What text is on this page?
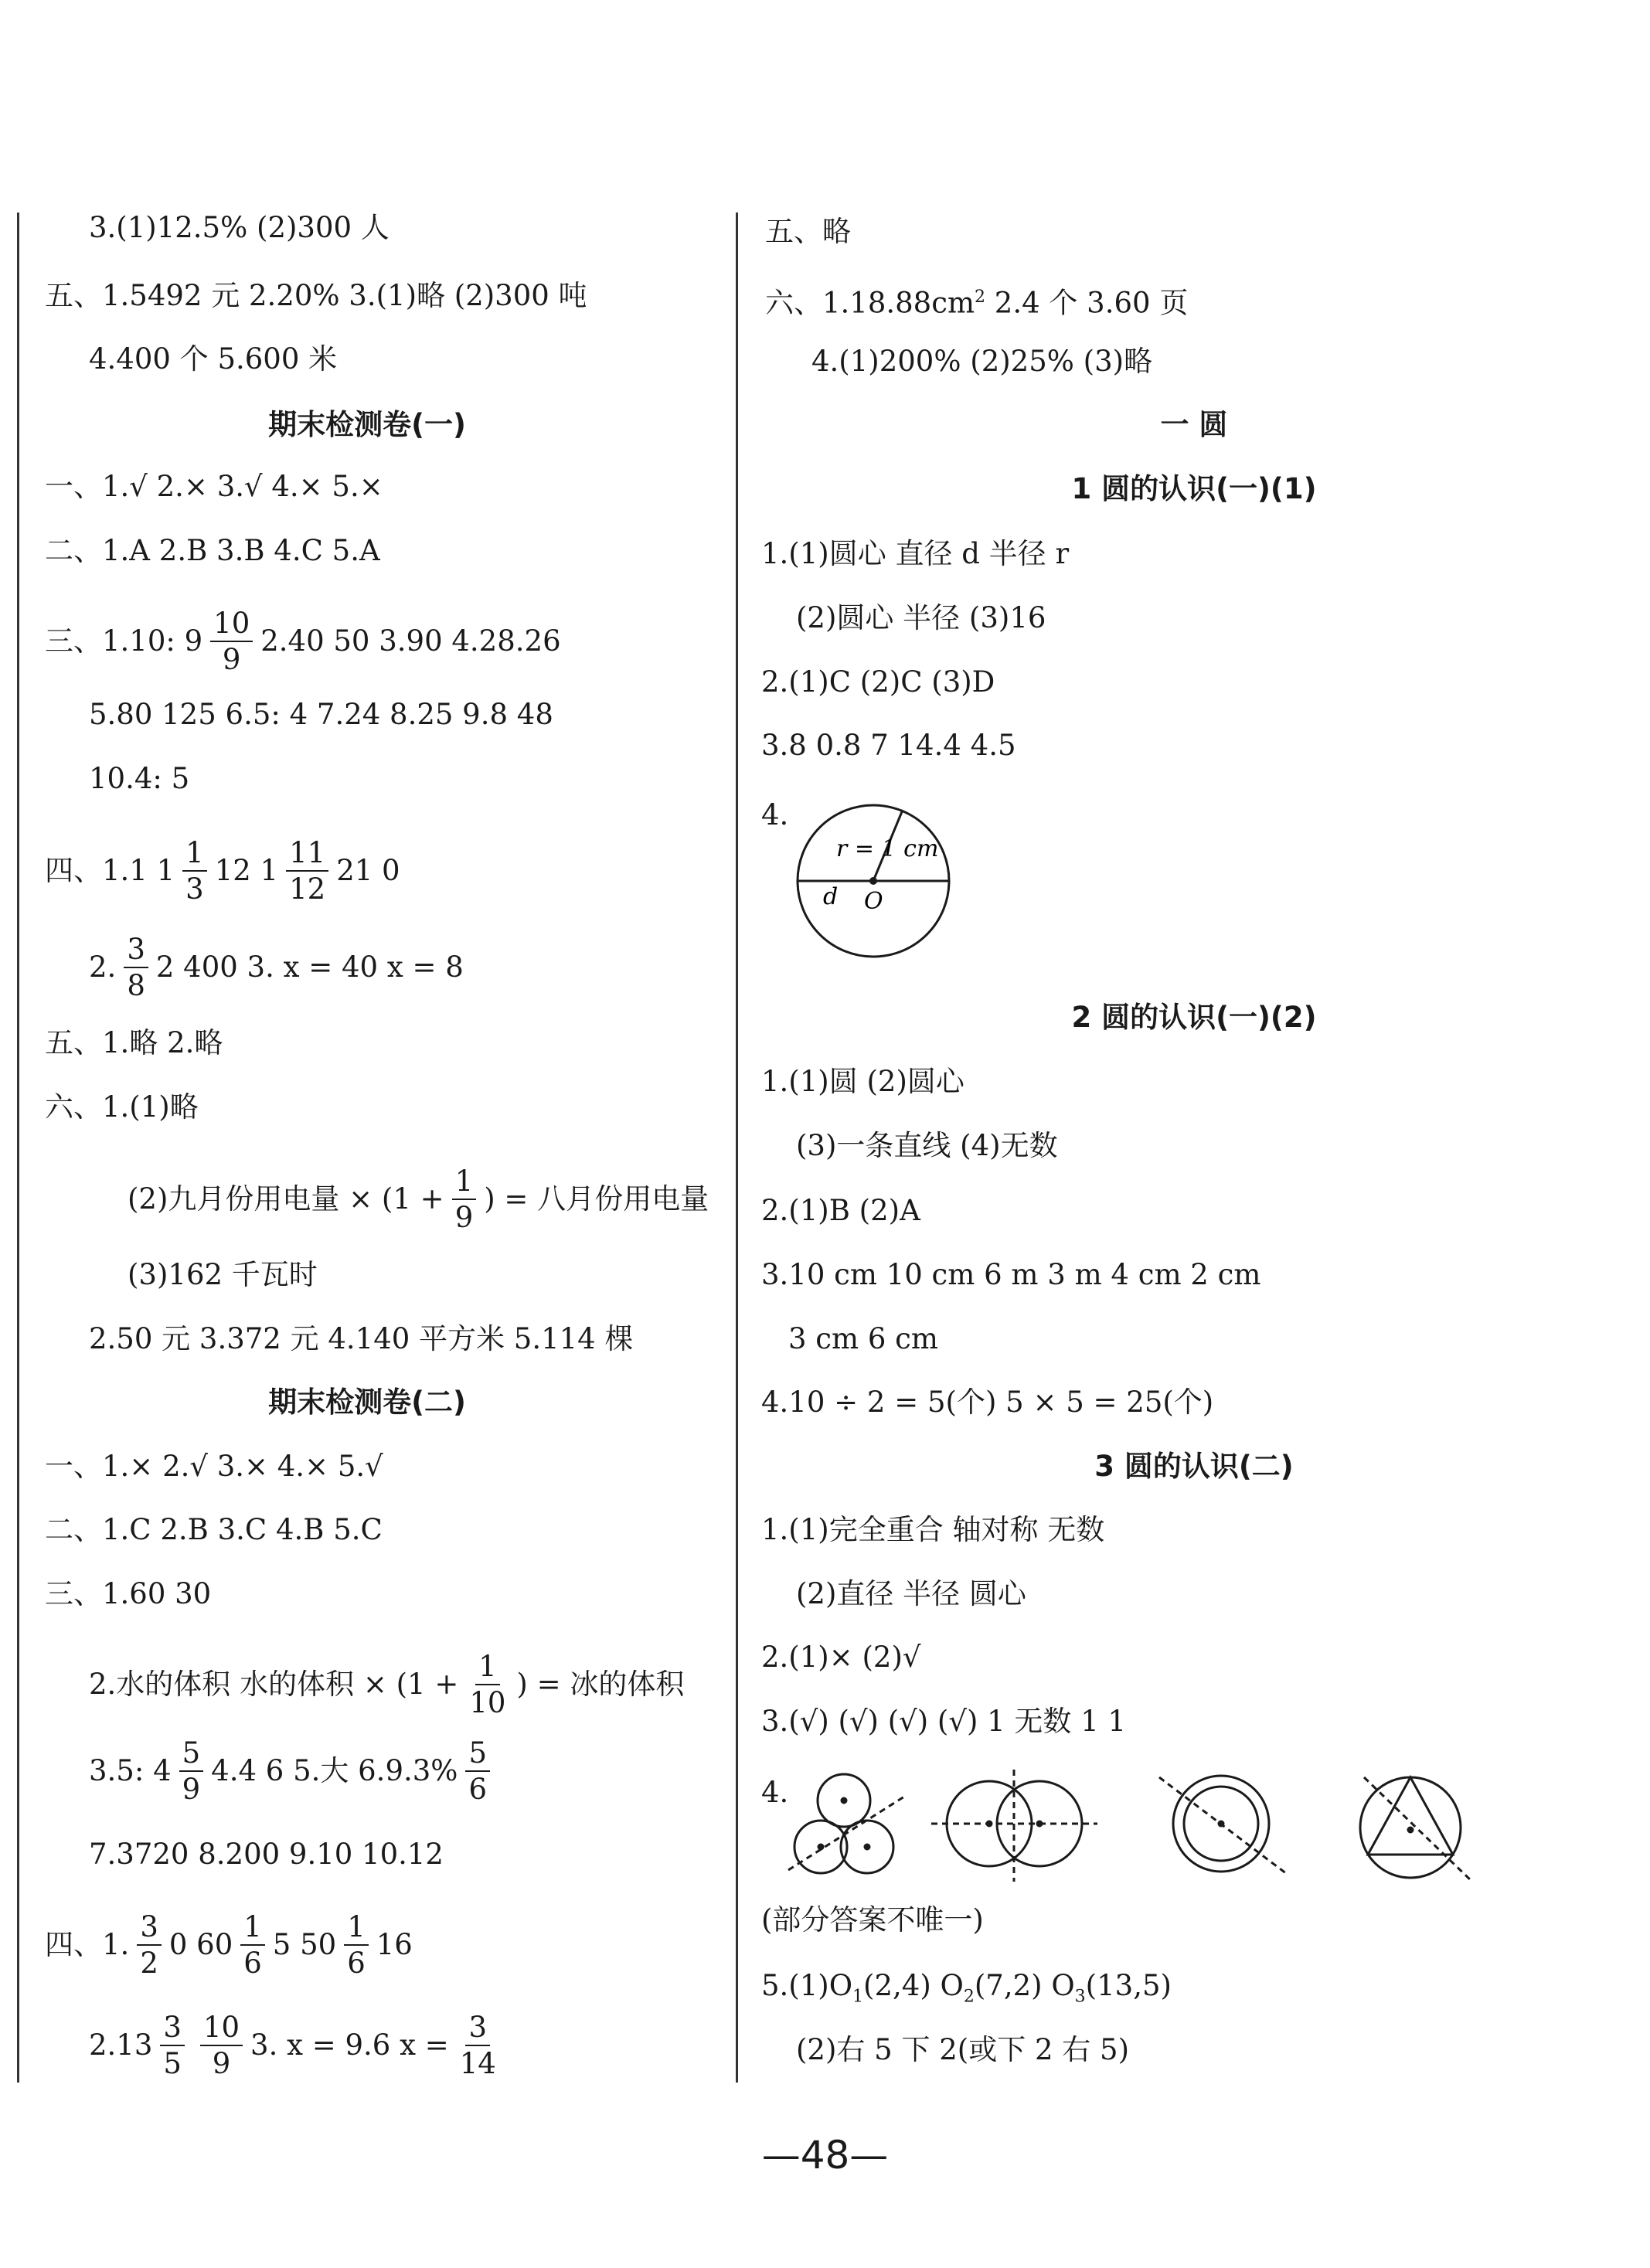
3.(1)12.5% (2)300 人
五、1.5492 元 2.20% 3.(1)略 (2)300 吨
4.400 个 5.600 米
期末检测卷(一)
一、1.√ 2.× 3.√ 4.× 5.×
二、1.A 2.B 3.B 4.C 5.A
三、1.10: $9 \frac{10}{9} 2.40$ 50 3.90 4.28.26
5.80 125 6.5: 4 7.24 8.25 9.8 48
10.4: 5
四、1.1 $1 \frac{1}{3} 12$ $1 \frac{11}{12} 21$ 0
2. $\frac{3}{8} 2$ 400 3. x = 40 x = 8
五、1.略 2.略
六、1.(1)略
(2)九月份用电量 × ($1 + \frac{1}{9}$ ) = 八月份用电量
(3)162 千瓦时
2.50 元 3.372 元 4.140 平方米 5.114 棵
期末检测卷(二)
一、1.× 2.√ 3.× 4.× 5.√
二、1.C 2.B 3.C 4.B 5.C
三、1.60 30
2.水的体积 水的体积 × ($1 + \frac{1}{10}$ ) = 冰的体积
3.5: $4 \frac{5}{9} 4.4$ 6 5.大 $6.9.3\% \frac{5}{6}$
7.3720 8.200 9.10 10.12
四、1. $\frac{3}{2} 0$ $60 \frac{1}{6} 5$ $50 \frac{1}{6} 16$
$2.13 \frac{3}{5} \frac{10}{9} 3$. x = 9.6 $x = \frac{3}{14}$
五、略
六、$1.18.88cm^2$ 2.4 个 3.60 页
4.(1)200% (2)25% (3)略
一 圆
1 圆的认识(一)(1)
1.(1)圆心 直径 d 半径 r
(2)圆心 半径 (3)16
2.(1)C (2)C (3)D
3.8 0.8 7 14.4 4.5
4.
r = 1 cm
d O
2 圆的认识(一)(2)
1.(1)圆 (2)圆心
(3)一条直线 (4)无数
2.(1)B (2)A
3.10 cm 10 cm 6 m 3 m 4 cm 2 cm
3 cm 6 cm
4.10 ÷ 2 = 5(个) 5 × 5 = 25(个)
3 圆的认识(二)
1.(1)完全重合 轴对称 无数
(2)直径 半径 圆心
2.(1)× (2)√
3.(√) (√) (√) (√) 1 无数 1 1
4.
(部分答案不唯一)
$5.(1)O_1(2,4)$ $O_2(7,2)$ $O_3(13,5)$
(2)右 5 下 2(或下 2 右 5)
—48—
